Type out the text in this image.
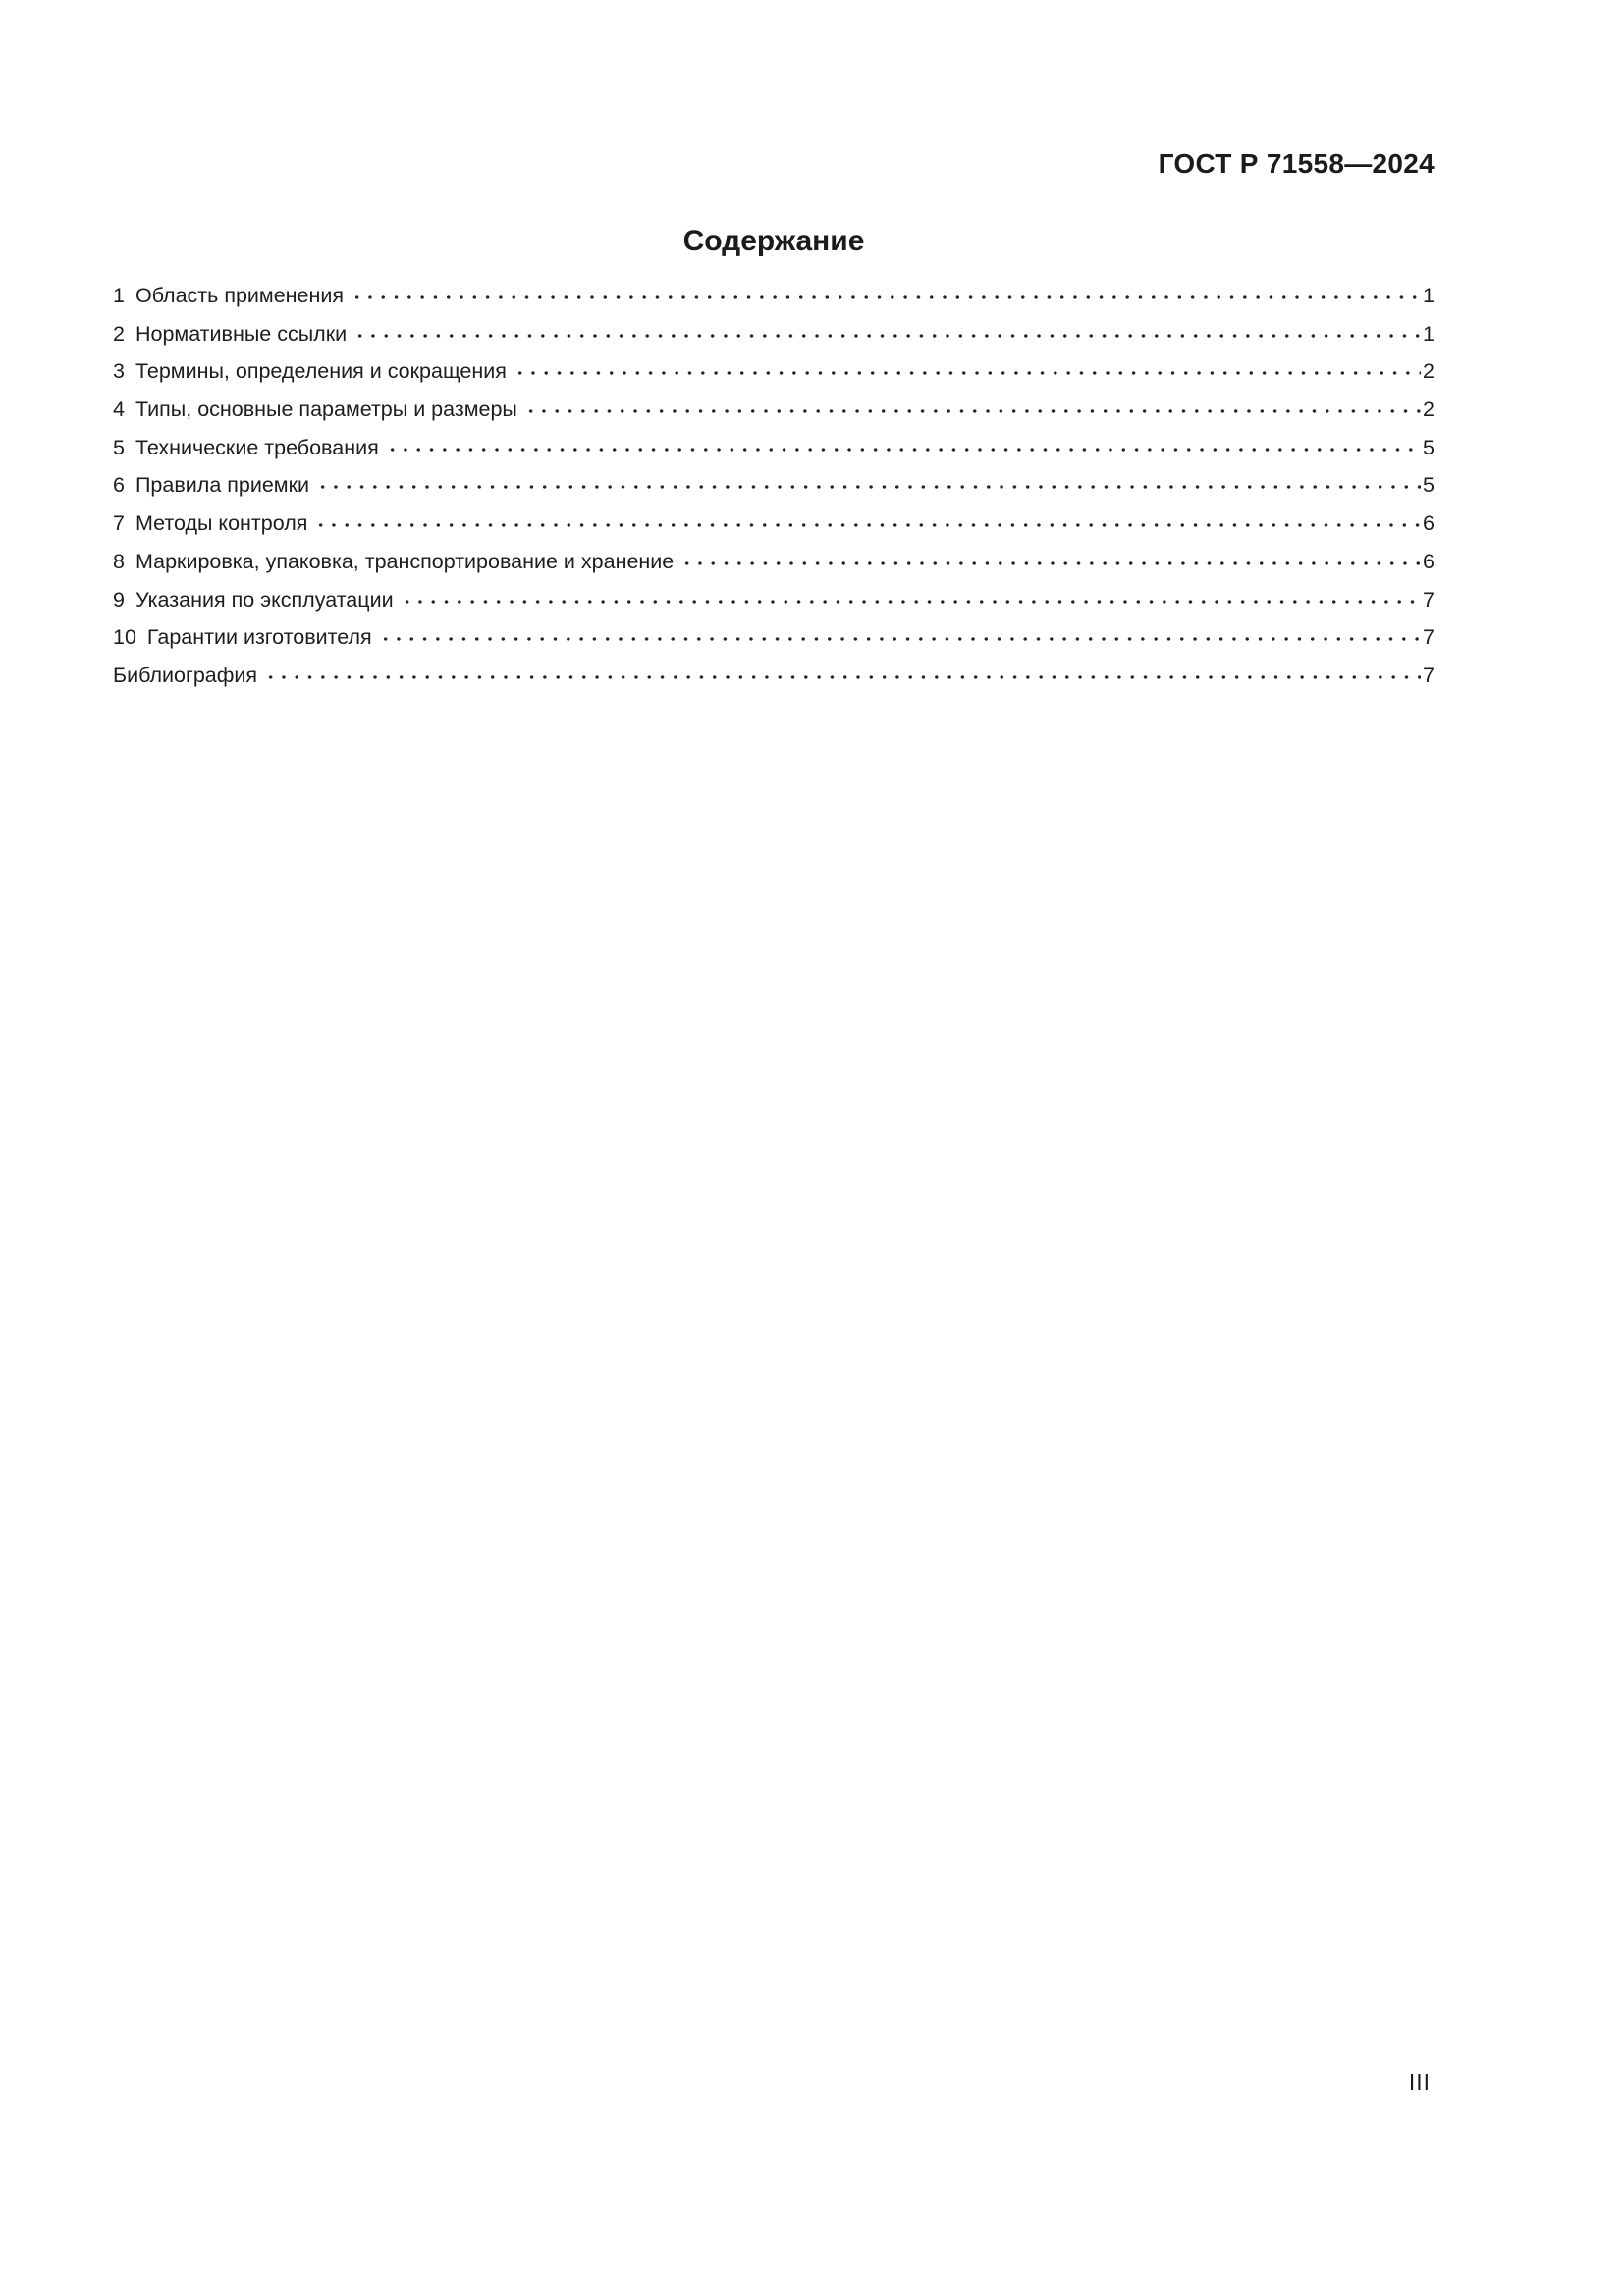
ГОСТ Р 71558—2024
Содержание
1 Область применения	1
2 Нормативные ссылки	1
3 Термины, определения и сокращения	2
4 Типы, основные параметры и размеры	2
5 Технические требования	5
6 Правила приемки	5
7 Методы контроля	6
8 Маркировка, упаковка, транспортирование и хранение	6
9 Указания по эксплуатации	7
10 Гарантии изготовителя	7
Библиография	7
III
